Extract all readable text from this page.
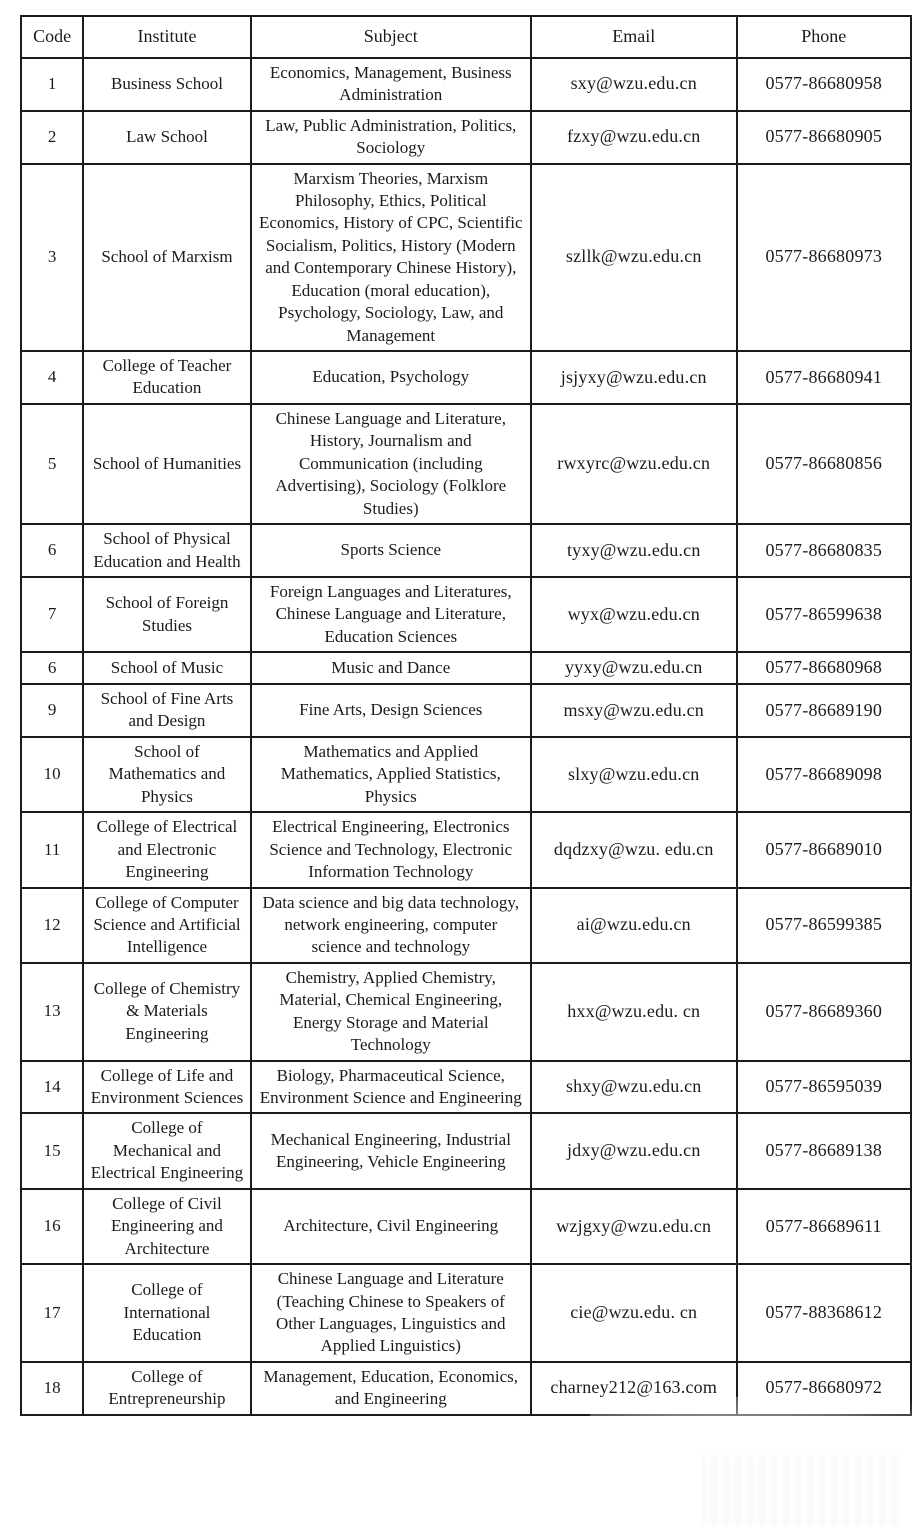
Code	Institute	Subject	Email	Phone
1	Business School	Economics, Management, Business Administration	sxy@wzu.edu.cn	0577-86680958
2	Law School	Law, Public Administration, Politics, Sociology	fzxy@wzu.edu.cn	0577-86680905
3	School of Marxism	Marxism Theories, Marxism Philosophy, Ethics, Political Economics, History of CPC, Scientific Socialism, Politics, History (Modern and Contemporary Chinese History), Education (moral education), Psychology, Sociology, Law, and Management	szllk@wzu.edu.cn	0577-86680973
4	College of Teacher Education	Education, Psychology	jsjyxy@wzu.edu.cn	0577-86680941
5	School of Humanities	Chinese Language and Literature, History, Journalism and Communication (including Advertising), Sociology (Folklore Studies)	rwxyrc@wzu.edu.cn	0577-86680856
6	School of Physical Education and Health	Sports Science	tyxy@wzu.edu.cn	0577-86680835
7	School of Foreign Studies	Foreign Languages and Literatures, Chinese Language and Literature, Education Sciences	wyx@wzu.edu.cn	0577-86599638
6	School of Music	Music and Dance	yyxy@wzu.edu.cn	0577-86680968
9	School of Fine Arts and Design	Fine Arts, Design Sciences	msxy@wzu.edu.cn	0577-86689190
10	School of Mathematics and Physics	Mathematics and Applied Mathematics, Applied Statistics, Physics	slxy@wzu.edu.cn	0577-86689098
11	College of Electrical and Electronic Engineering	Electrical Engineering, Electronics Science and Technology, Electronic Information Technology	dqdzxy@wzu. edu.cn	0577-86689010
12	College of Computer Science and Artificial Intelligence	Data science and big data technology, network engineering, computer science and technology	ai@wzu.edu.cn	0577-86599385
13	College of Chemistry & Materials Engineering	Chemistry, Applied Chemistry, Material, Chemical Engineering, Energy Storage and Material Technology	hxx@wzu.edu. cn	0577-86689360
14	College of Life and Environment Sciences	Biology, Pharmaceutical Science, Environment Science and Engineering	shxy@wzu.edu.cn	0577-86595039
15	College of Mechanical and Electrical Engineering	Mechanical Engineering, Industrial Engineering, Vehicle Engineering	jdxy@wzu.edu.cn	0577-86689138
16	College of Civil Engineering and Architecture	Architecture, Civil Engineering	wzjgxy@wzu.edu.cn	0577-86689611
17	College of International Education	Chinese Language and Literature (Teaching Chinese to Speakers of Other Languages, Linguistics and Applied Linguistics)	cie@wzu.edu. cn	0577-88368612
18	College of Entrepreneurship	Management, Education, Economics, and Engineering	charney212@163.com	0577-86680972
